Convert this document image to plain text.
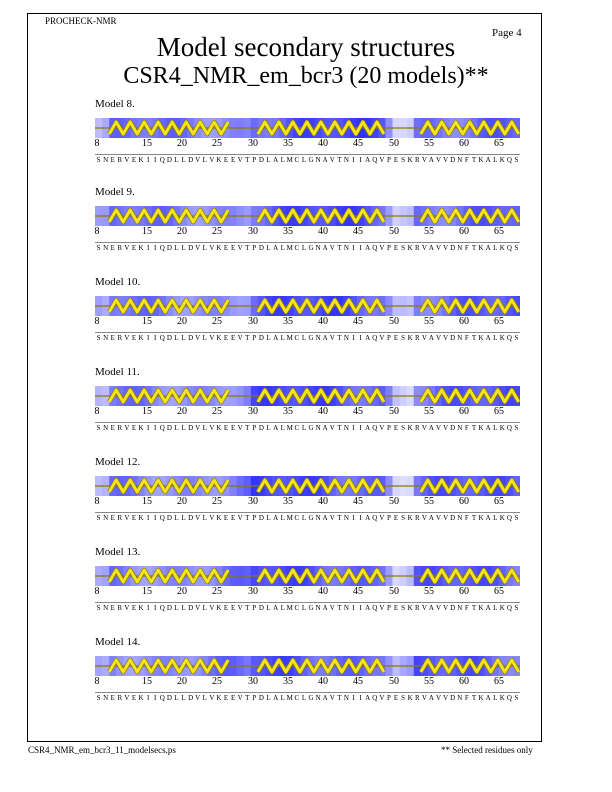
PROCHECK-NMR
Page 4
Model secondary structures
CSR4_NMR_em_bcr3 (20 models)**
CSR4_NMR_em_bcr3_11_modelsecs.ps	** Selected residues only
Model 8.
8	15	20	25	30	35	40	45	50	55	60	65
S N E R V E K I I Q D L L D V L V K E E V T P D L A L M C L G N A V T N I I A Q V P E S K R V A V V D N F T K A L K Q S
Model 9.
8	15	20	25	30	35	40	45	50	55	60	65
S N E R V E K I I Q D L L D V L V K E E V T P D L A L M C L G N A V T N I I A Q V P E S K R V A V V D N F T K A L K Q S
Model 10.
8	15	20	25	30	35	40	45	50	55	60	65
S N E R V E K I I Q D L L D V L V K E E V T P D L A L M C L G N A V T N I I A Q V P E S K R V A V V D N F T K A L K Q S
Model 11.
8	15	20	25	30	35	40	45	50	55	60	65
S N E R V E K I I Q D L L D V L V K E E V T P D L A L M C L G N A V T N I I A Q V P E S K R V A V V D N F T K A L K Q S
Model 12.
8	15	20	25	30	35	40	45	50	55	60	65
S N E R V E K I I Q D L L D V L V K E E V T P D L A L M C L G N A V T N I I A Q V P E S K R V A V V D N F T K A L K Q S
Model 13.
8	15	20	25	30	35	40	45	50	55	60	65
S N E R V E K I I Q D L L D V L V K E E V T P D L A L M C L G N A V T N I I A Q V P E S K R V A V V D N F T K A L K Q S
Model 14.
8	15	20	25	30	35	40	45	50	55	60	65
S N E R V E K I I Q D L L D V L V K E E V T P D L A L M C L G N A V T N I I A Q V P E S K R V A V V D N F T K A L K Q S
